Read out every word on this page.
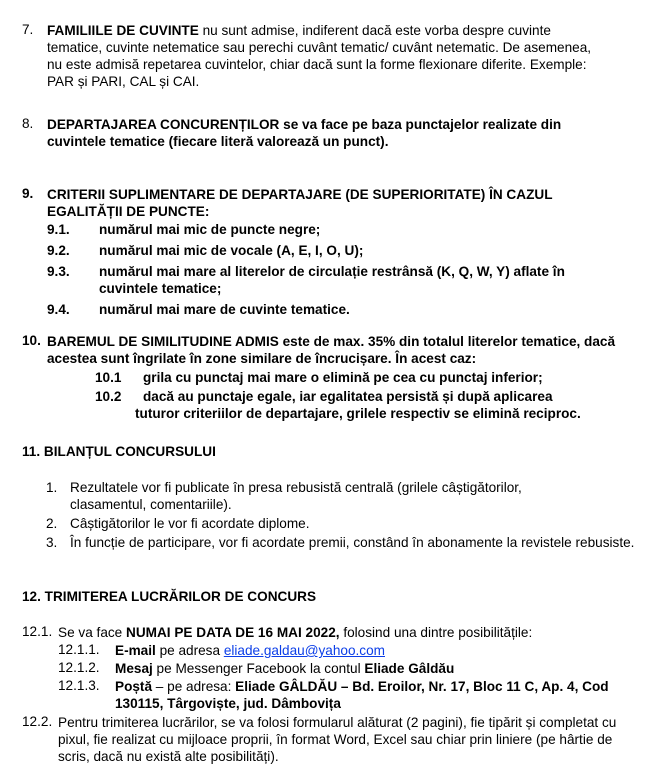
7. FAMILIILE DE CUVINTE nu sunt admise, indiferent dacă este vorba despre cuvinte tematice, cuvinte netematice sau perechi cuvânt tematic/ cuvânt netematic. De asemenea, nu este admisă repetarea cuvintelor, chiar dacă sunt la forme flexionare diferite. Exemple: PAR și PARI, CAL și CAI.
8. DEPARTAJAREA CONCURENȚILOR se va face pe baza punctajelor realizate din cuvintele tematice (fiecare literă valorează un punct).
9. CRITERII SUPLIMENTARE DE DEPARTAJARE (DE SUPERIORITATE) ÎN CAZUL EGALITĂȚII DE PUNCTE:
9.1. numărul mai mic de puncte negre;
9.2. numărul mai mic de vocale (A, E, I, O, U);
9.3. numărul mai mare al literelor de circulație restrânsă (K, Q, W, Y) aflate în cuvintele tematice;
9.4. numărul mai mare de cuvinte tematice.
10. BAREMUL DE SIMILITUDINE ADMIS este de max. 35% din totalul literelor tematice, dacă acestea sunt îngrilate în zone similare de încrucișare. În acest caz:
10.1 grila cu punctaj mai mare o elimină pe cea cu punctaj inferior;
10.2 dacă au punctaje egale, iar egalitatea persistă și după aplicarea
tuturor criteriilor de departajare, grilele respectiv se elimină reciproc.
11. BILANȚUL CONCURSULUI
1. Rezultatele vor fi publicate în presa rebusistă centrală (grilele câștigătorilor, clasamentul, comentariile).
2. Câștigătorilor le vor fi acordate diplome.
3. În funcție de participare, vor fi acordate premii, constând în abonamente la revistele rebusiste.
12. TRIMITEREA LUCRĂRILOR DE CONCURS
12.1. Se va face NUMAI PE DATA DE 16 MAI 2022, folosind una dintre posibilitățile:
12.1.1. E-mail pe adresa eliade.galdau@yahoo.com
12.1.2. Mesaj pe Messenger Facebook la contul Eliade Gâldău
12.1.3. Poștă – pe adresa: Eliade GÂLDĂU – Bd. Eroilor, Nr. 17, Bloc 11 C, Ap. 4, Cod 130115, Târgoviște, jud. Dâmbovița
12.2. Pentru trimiterea lucrărilor, se va folosi formularul alăturat (2 pagini), fie tipărit și completat cu pixul, fie realizat cu mijloace proprii, în format Word, Excel sau chiar prin liniere (pe hârtie de scris, dacă nu există alte posibilități).
